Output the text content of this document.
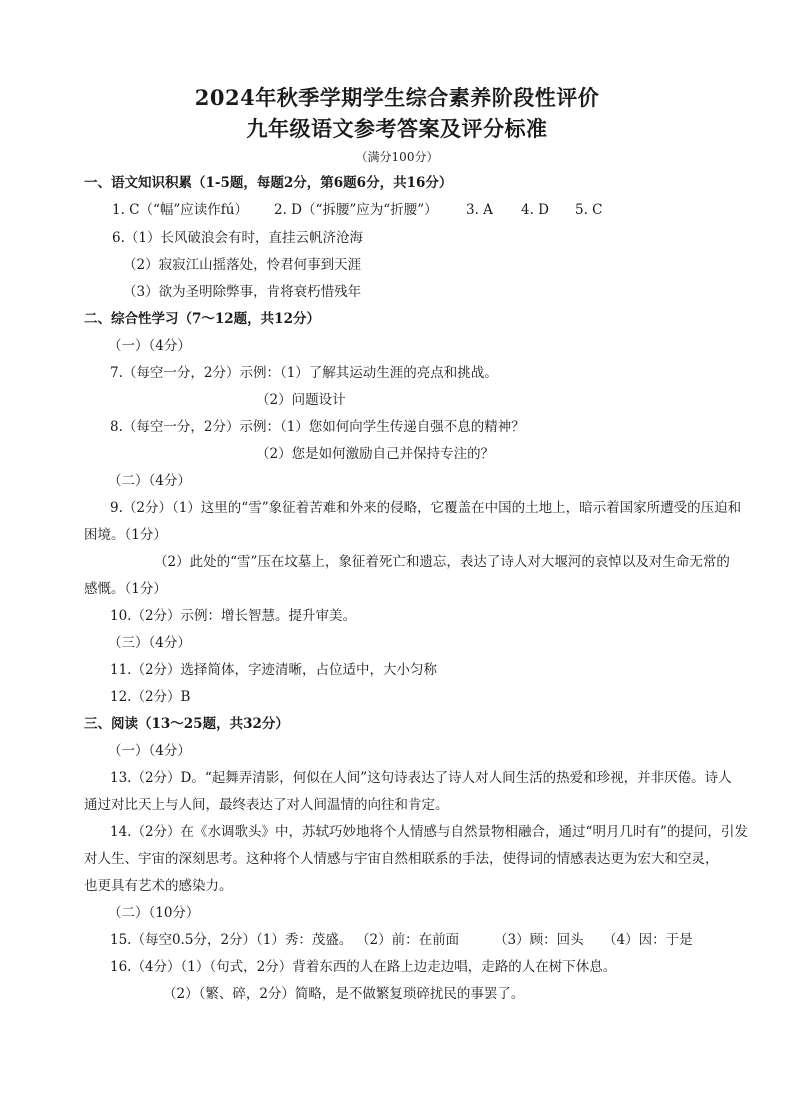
2024年秋季学期学生综合素养阶段性评价
九年级语文参考答案及评分标准
（满分100分）
一、语文知识积累（1-5题，每题2分，第6题6分，共16分）
1. C（“幅”应读作fú） 2. D（“拆腰”应为“折腰”） 3. A 4. D 5. C
6.（1）长风破浪会有时，直挂云帆济沧海
（2）寂寂江山摇落处，怜君何事到天涯
（3）欲为圣明除弊事，肯将衰朽惜残年
二、综合性学习（7～12题，共12分）
（一）（4分）
7.（每空一分，2分）示例：（1）了解其运动生涯的亮点和挑战。
（2）问题设计
8.（每空一分，2分）示例：（1）您如何向学生传递自强不息的精神？
（2）您是如何激励自己并保持专注的？
（二）（4分）
9.（2分）（1）这里的“雪”象征着苦难和外来的侵略，它覆盖在中国的土地上，暗示着国家所遭受的压迫和
困境。（1分）
（2）此处的“雪”压在坟墓上，象征着死亡和遗忘，表达了诗人对大堰河的哀悼以及对生命无常的
感慨。（1分）
10.（2分）示例：增长智慧。提升审美。
（三）（4分）
11.（2分）选择简体，字迹清晰，占位适中，大小匀称
12.（2分）B
三、阅读（13～25题，共32分）
（一）（4分）
13.（2分）D。“起舞弄清影，何似在人间”这句诗表达了诗人对人间生活的热爱和珍视，并非厌倦。诗人
通过对比天上与人间，最终表达了对人间温情的向往和肯定。
14.（2分）在《水调歌头》中，苏轼巧妙地将个人情感与自然景物相融合，通过“明月几时有”的提问，引发
对人生、宇宙的深刻思考。这种将个人情感与宇宙自然相联系的手法，使得词的情感表达更为宏大和空灵，
也更具有艺术的感染力。
（二）（10分）
15.（每空0.5分，2分）（1）秀：茂盛。 （2）前：在前面	（3）顾：回头 （4）因：于是
16.（4分）（1）（句式，2分）背着东西的人在路上边走边唱，走路的人在树下休息。
（2）（繁、碎，2分）简略，是不做繁复琐碎扰民的事罢了。
